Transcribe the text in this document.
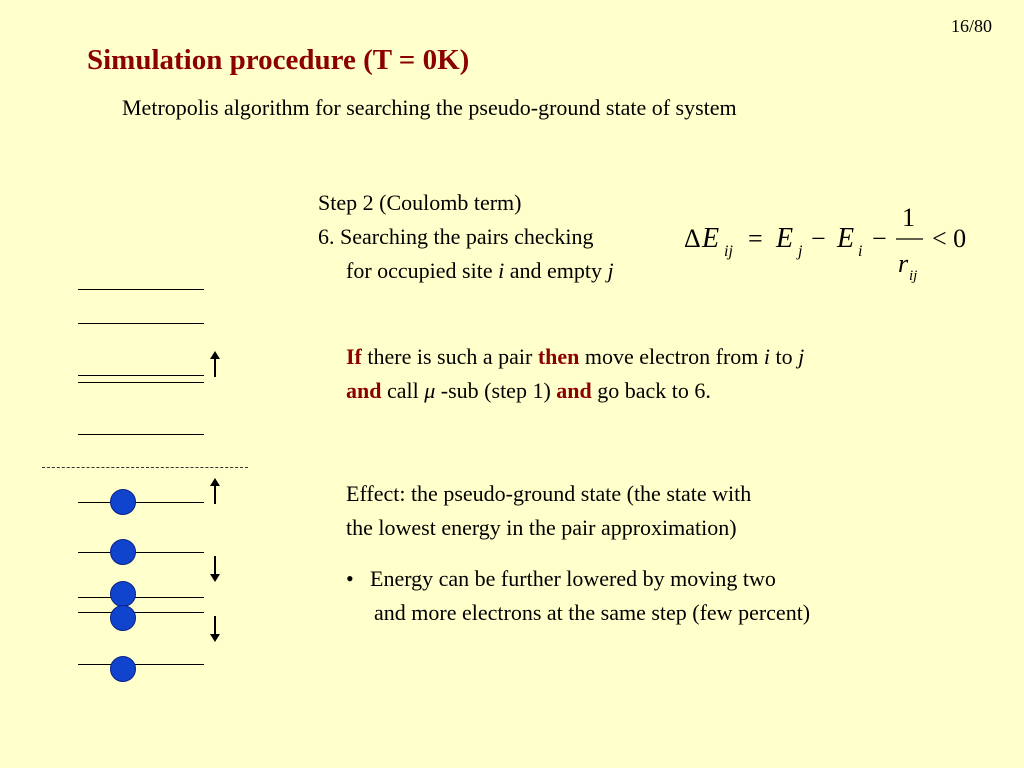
16/80
Simulation procedure (T = 0K)
Metropolis algorithm for searching the pseudo-ground state of system
Step 2 (Coulomb term)
6. Searching the pairs checking
for occupied site i and empty j
Δ E ij = E j − E i −
1
r ij
< 0
If there is such a pair then move electron from i to j
and call μ -sub (step 1) and go back to 6.
Effect: the pseudo-ground state (the state with
the lowest energy in the pair approximation)
• Energy can be further lowered by moving two
and more electrons at the same step (few percent)
